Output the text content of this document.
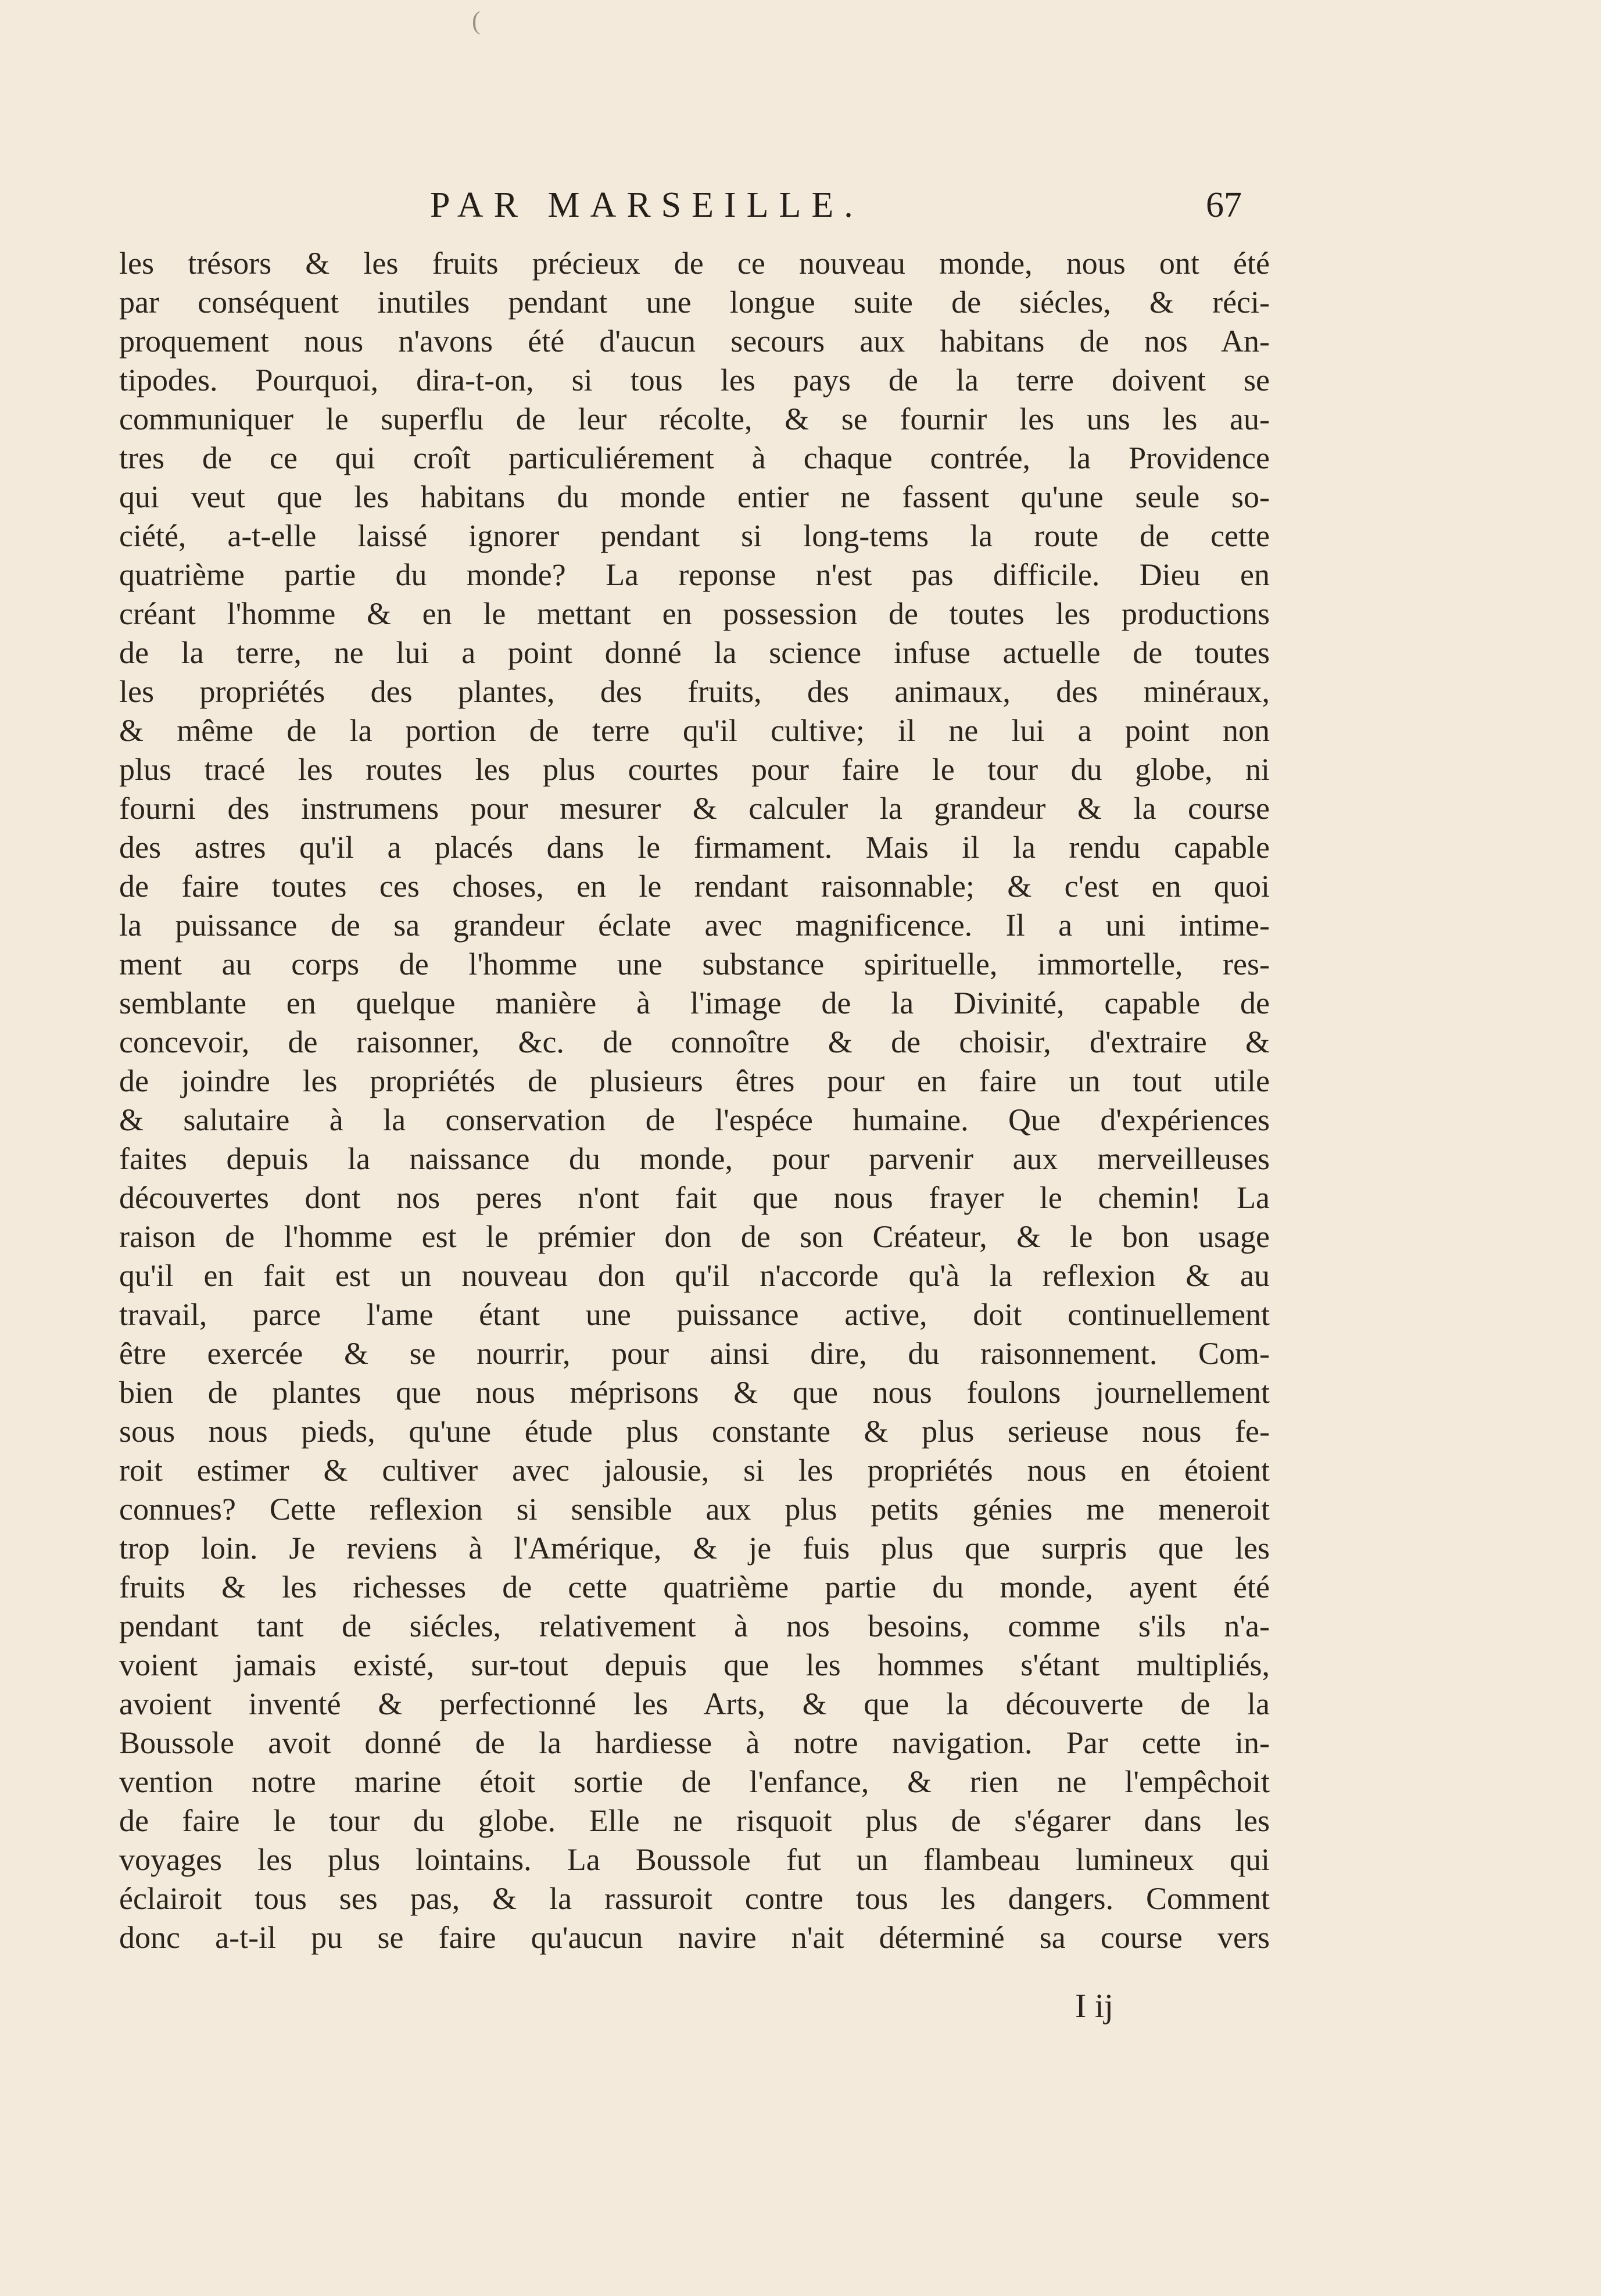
(
PAR MARSEILLE.	67
les trésors & les fruits précieux de ce nouveau monde, nous ont été
par conséquent inutiles pendant une longue suite de siécles, & réci-
proquement nous n'avons été d'aucun secours aux habitans de nos An-
tipodes. Pourquoi, dira-t-on, si tous les pays de la terre doivent se
communiquer le superflu de leur récolte, & se fournir les uns les au-
tres de ce qui croît particuliérement à chaque contrée, la Providence
qui veut que les habitans du monde entier ne fassent qu'une seule so-
ciété, a-t-elle laissé ignorer pendant si long-tems la route de cette
quatrième partie du monde? La reponse n'est pas difficile. Dieu en
créant l'homme & en le mettant en possession de toutes les productions
de la terre, ne lui a point donné la science infuse actuelle de toutes
les propriétés des plantes, des fruits, des animaux, des minéraux,
& même de la portion de terre qu'il cultive; il ne lui a point non
plus tracé les routes les plus courtes pour faire le tour du globe, ni
fourni des instrumens pour mesurer & calculer la grandeur & la course
des astres qu'il a placés dans le firmament. Mais il la rendu capable
de faire toutes ces choses, en le rendant raisonnable; & c'est en quoi
la puissance de sa grandeur éclate avec magnificence. Il a uni intime-
ment au corps de l'homme une substance spirituelle, immortelle, res-
semblante en quelque manière à l'image de la Divinité, capable de
concevoir, de raisonner, &c. de connoître & de choisir, d'extraire &
de joindre les propriétés de plusieurs êtres pour en faire un tout utile
& salutaire à la conservation de l'espéce humaine. Que d'expériences
faites depuis la naissance du monde, pour parvenir aux merveilleuses
découvertes dont nos peres n'ont fait que nous frayer le chemin! La
raison de l'homme est le prémier don de son Créateur, & le bon usage
qu'il en fait est un nouveau don qu'il n'accorde qu'à la reflexion & au
travail, parce l'ame étant une puissance active, doit continuellement
être exercée & se nourrir, pour ainsi dire, du raisonnement. Com-
bien de plantes que nous méprisons & que nous foulons journellement
sous nous pieds, qu'une étude plus constante & plus serieuse nous fe-
roit estimer & cultiver avec jalousie, si les propriétés nous en étoient
connues? Cette reflexion si sensible aux plus petits génies me meneroit
trop loin. Je reviens à l'Amérique, & je fuis plus que surpris que les
fruits & les richesses de cette quatrième partie du monde, ayent été
pendant tant de siécles, relativement à nos besoins, comme s'ils n'a-
voient jamais existé, sur-tout depuis que les hommes s'étant multipliés,
avoient inventé & perfectionné les Arts, & que la découverte de la
Boussole avoit donné de la hardiesse à notre navigation. Par cette in-
vention notre marine étoit sortie de l'enfance, & rien ne l'empêchoit
de faire le tour du globe. Elle ne risquoit plus de s'égarer dans les
voyages les plus lointains. La Boussole fut un flambeau lumineux qui
éclairoit tous ses pas, & la rassuroit contre tous les dangers. Comment
donc a-t-il pu se faire qu'aucun navire n'ait déterminé sa course vers
I ij
